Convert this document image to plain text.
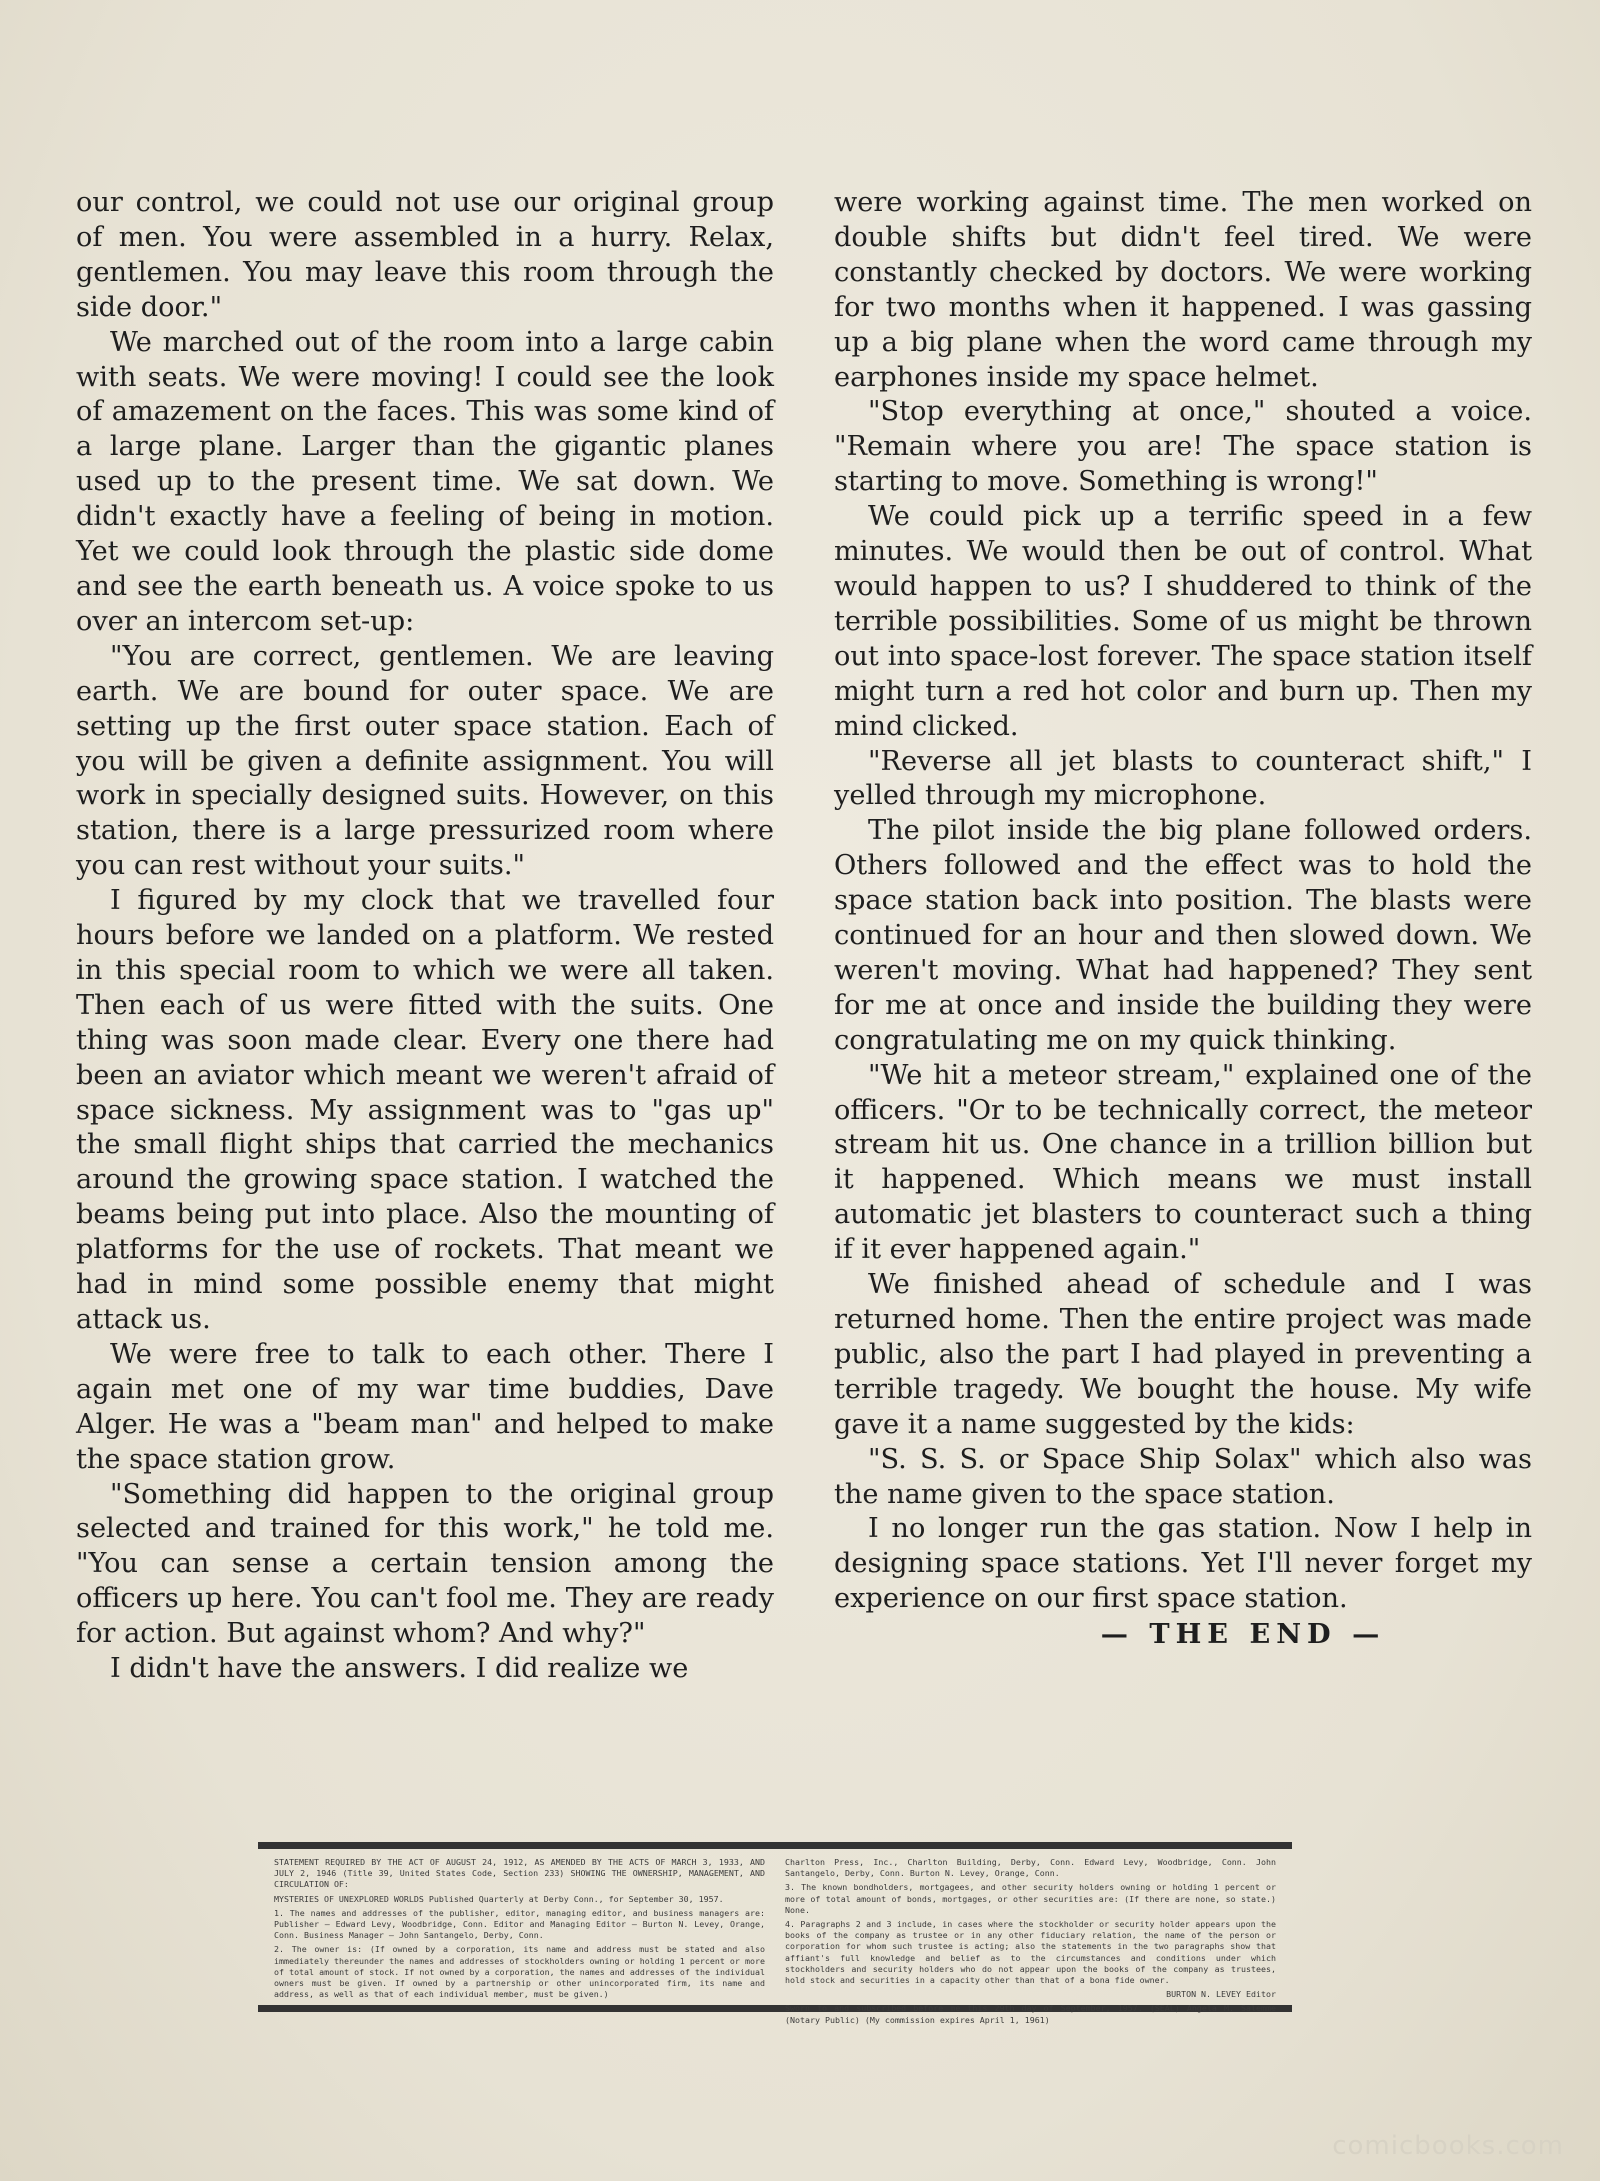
our control, we could not use our original group of men. You were assembled in a hurry. Relax, gentlemen. You may leave this room through the side door."

We marched out of the room into a large cabin with seats. We were moving! I could see the look of amazement on the faces. This was some kind of a large plane. Larger than the gigantic planes used up to the present time. We sat down. We didn't exactly have a feeling of being in motion. Yet we could look through the plastic side dome and see the earth beneath us. A voice spoke to us over an intercom set-up:

"You are correct, gentlemen. We are leaving earth. We are bound for outer space. We are setting up the first outer space station. Each of you will be given a definite assignment. You will work in specially designed suits. However, on this station, there is a large pressurized room where you can rest without your suits."

I figured by my clock that we travelled four hours before we landed on a platform. We rested in this special room to which we were all taken. Then each of us were fitted with the suits. One thing was soon made clear. Every one there had been an aviator which meant we weren't afraid of space sickness. My assignment was to "gas up" the small flight ships that carried the mechanics around the growing space station. I watched the beams being put into place. Also the mounting of platforms for the use of rockets. That meant we had in mind some possible enemy that might attack us.

We were free to talk to each other. There I again met one of my war time buddies, Dave Alger. He was a "beam man" and helped to make the space station grow.

"Something did happen to the original group selected and trained for this work," he told me. "You can sense a certain tension among the officers up here. You can't fool me. They are ready for action. But against whom? And why?"

I didn't have the answers. I did realize we

were working against time. The men worked on double shifts but didn't feel tired. We were constantly checked by doctors. We were working for two months when it happened. I was gassing up a big plane when the word came through my earphones inside my space helmet.

"Stop everything at once," shouted a voice. "Remain where you are! The space station is starting to move. Something is wrong!"

We could pick up a terrific speed in a few minutes. We would then be out of control. What would happen to us? I shuddered to think of the terrible possibilities. Some of us might be thrown out into space-lost forever. The space station itself might turn a red hot color and burn up. Then my mind clicked.

"Reverse all jet blasts to counteract shift," I yelled through my microphone.

The pilot inside the big plane followed orders. Others followed and the effect was to hold the space station back into position. The blasts were continued for an hour and then slowed down. We weren't moving. What had happened? They sent for me at once and inside the building they were congratulating me on my quick thinking.

"We hit a meteor stream," explained one of the officers. "Or to be technically correct, the meteor stream hit us. One chance in a trillion billion but it happened. Which means we must install automatic jet blasters to counteract such a thing if it ever happened again."

We finished ahead of schedule and I was returned home. Then the entire project was made public, also the part I had played in preventing a terrible tragedy. We bought the house. My wife gave it a name suggested by the kids:

"S. S. S. or Space Ship Solax" which also was the name given to the space station.

I no longer run the gas station. Now I help in designing space stations. Yet I'll never forget my experience on our first space station.

— THE END —

STATEMENT REQUIRED BY THE ACT OF AUGUST 24, 1912, AS AMENDED BY THE ACTS OF MARCH 3, 1933, AND JULY 2, 1946 (Title 39, United States Code, Section 233) SHOWING THE OWNERSHIP, MANAGEMENT, AND CIRCULATION OF:

MYSTERIES OF UNEXPLORED WORLDS Published Quarterly at Derby Conn., for September 30, 1957.

1. The names and addresses of the publisher, editor, managing editor, and business managers are: Publisher — Edward Levy, Woodbridge, Conn. Editor and Managing Editor — Burton N. Levey, Orange, Conn. Business Manager — John Santangelo, Derby, Conn.

2. The owner is: (If owned by a corporation, its name and address must be stated and also immediately thereunder the names and addresses of stockholders owning or holding 1 percent or more of total amount of stock. If not owned by a corporation, the names and addresses of the individual owners must be given. If owned by a partnership or other unincorporated firm, its name and address, as well as that of each individual member, must be given.)

Charlton Press, Inc., Charlton Building, Derby, Conn. Edward Levy, Woodbridge, Conn. John Santangelo, Derby, Conn. Burton N. Levey, Orange, Conn.

3. The known bondholders, mortgagees, and other security holders owning or holding 1 percent or more of total amount of bonds, mortgages, or other securities are: (If there are none, so state.) None.

4. Paragraphs 2 and 3 include, in cases where the stockholder or security holder appears upon the books of the company as trustee or in any other fiduciary relation, the name of the person or corporation for whom such trustee is acting; also the statements in the two paragraphs show that affiant's full knowledge and belief as to the circumstances and conditions under which stockholders and security holders who do not appear upon the books of the company as trustees, hold stock and securities in a capacity other than that of a bona fide owner.

BURTON N. LEVEY Editor

Sworn to and subscribed before me this 29th day of September, 1957. (SEAL) Angela M. Salemme (Notary Public) (My commission expires April 1, 1961)

comicbooks.com
